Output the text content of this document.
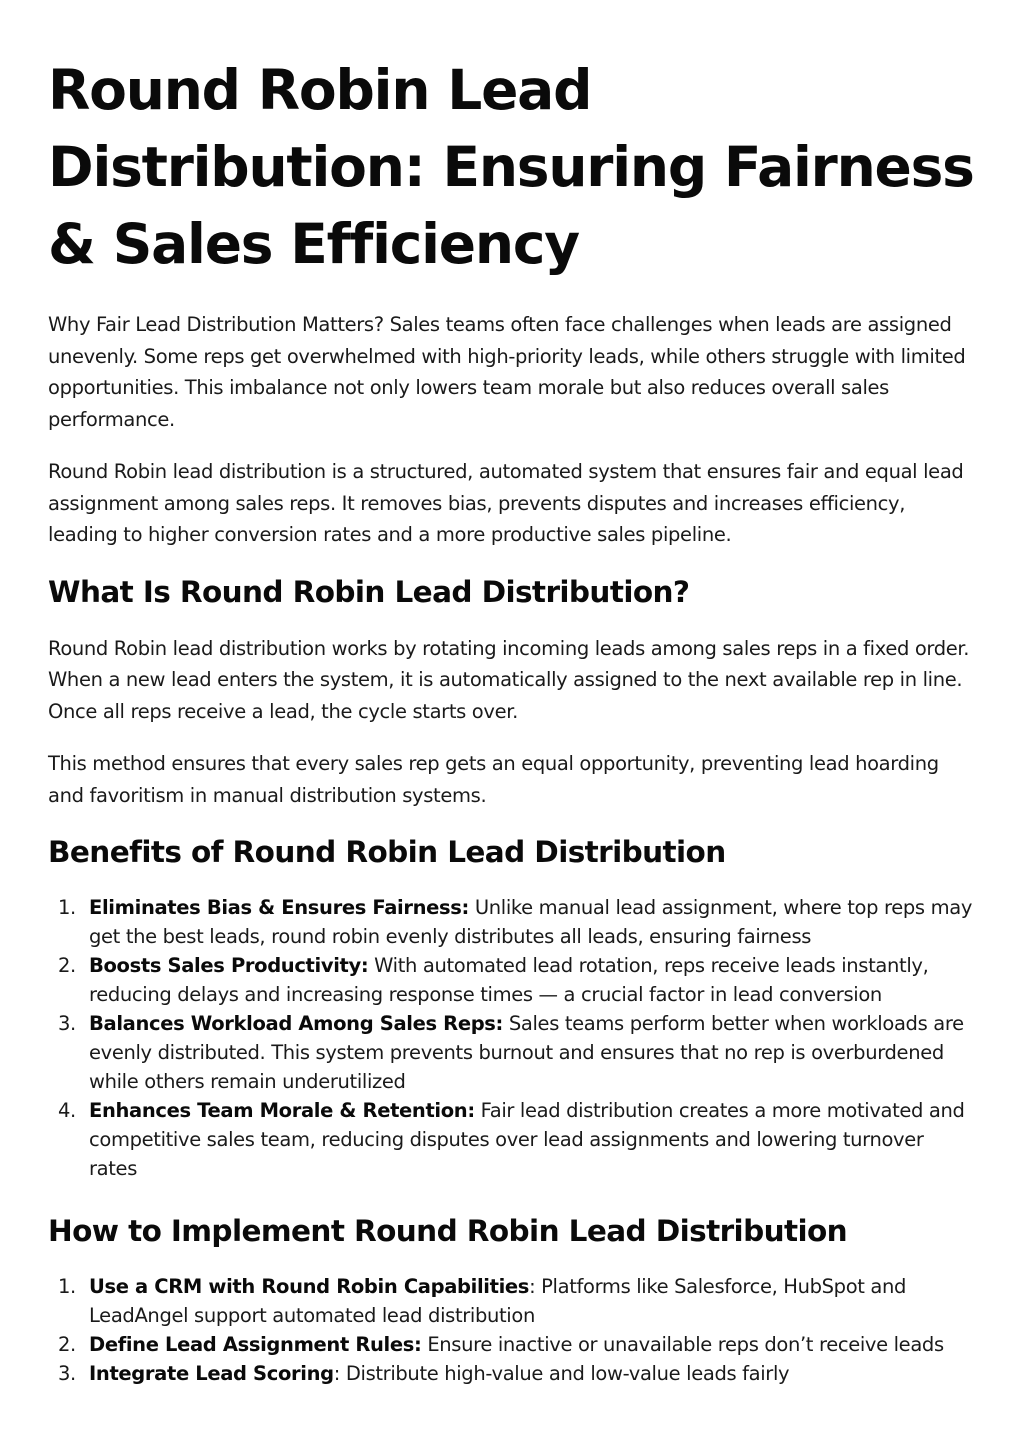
Round Robin Lead Distribution: Ensuring Fairness & Sales Efficiency

Why Fair Lead Distribution Matters? Sales teams often face challenges when leads are assigned unevenly. Some reps get overwhelmed with high-priority leads, while others struggle with limited opportunities. This imbalance not only lowers team morale but also reduces overall sales performance.

Round Robin lead distribution is a structured, automated system that ensures fair and equal lead assignment among sales reps. It removes bias, prevents disputes and increases efficiency, leading to higher conversion rates and a more productive sales pipeline.

What Is Round Robin Lead Distribution?

Round Robin lead distribution works by rotating incoming leads among sales reps in a fixed order. When a new lead enters the system, it is automatically assigned to the next available rep in line. Once all reps receive a lead, the cycle starts over.

This method ensures that every sales rep gets an equal opportunity, preventing lead hoarding and favoritism in manual distribution systems.

Benefits of Round Robin Lead Distribution
1. Eliminates Bias & Ensures Fairness: Unlike manual lead assignment, where top reps may get the best leads, round robin evenly distributes all leads, ensuring fairness
2. Boosts Sales Productivity: With automated lead rotation, reps receive leads instantly, reducing delays and increasing response times — a crucial factor in lead conversion
3. Balances Workload Among Sales Reps: Sales teams perform better when workloads are evenly distributed. This system prevents burnout and ensures that no rep is overburdened while others remain underutilized
4. Enhances Team Morale & Retention: Fair lead distribution creates a more motivated and competitive sales team, reducing disputes over lead assignments and lowering turnover rates
How to Implement Round Robin Lead Distribution
1. Use a CRM with Round Robin Capabilities: Platforms like Salesforce, HubSpot and LeadAngel support automated lead distribution
2. Define Lead Assignment Rules: Ensure inactive or unavailable reps don’t receive leads
3. Integrate Lead Scoring: Distribute high-value and low-value leads fairly
